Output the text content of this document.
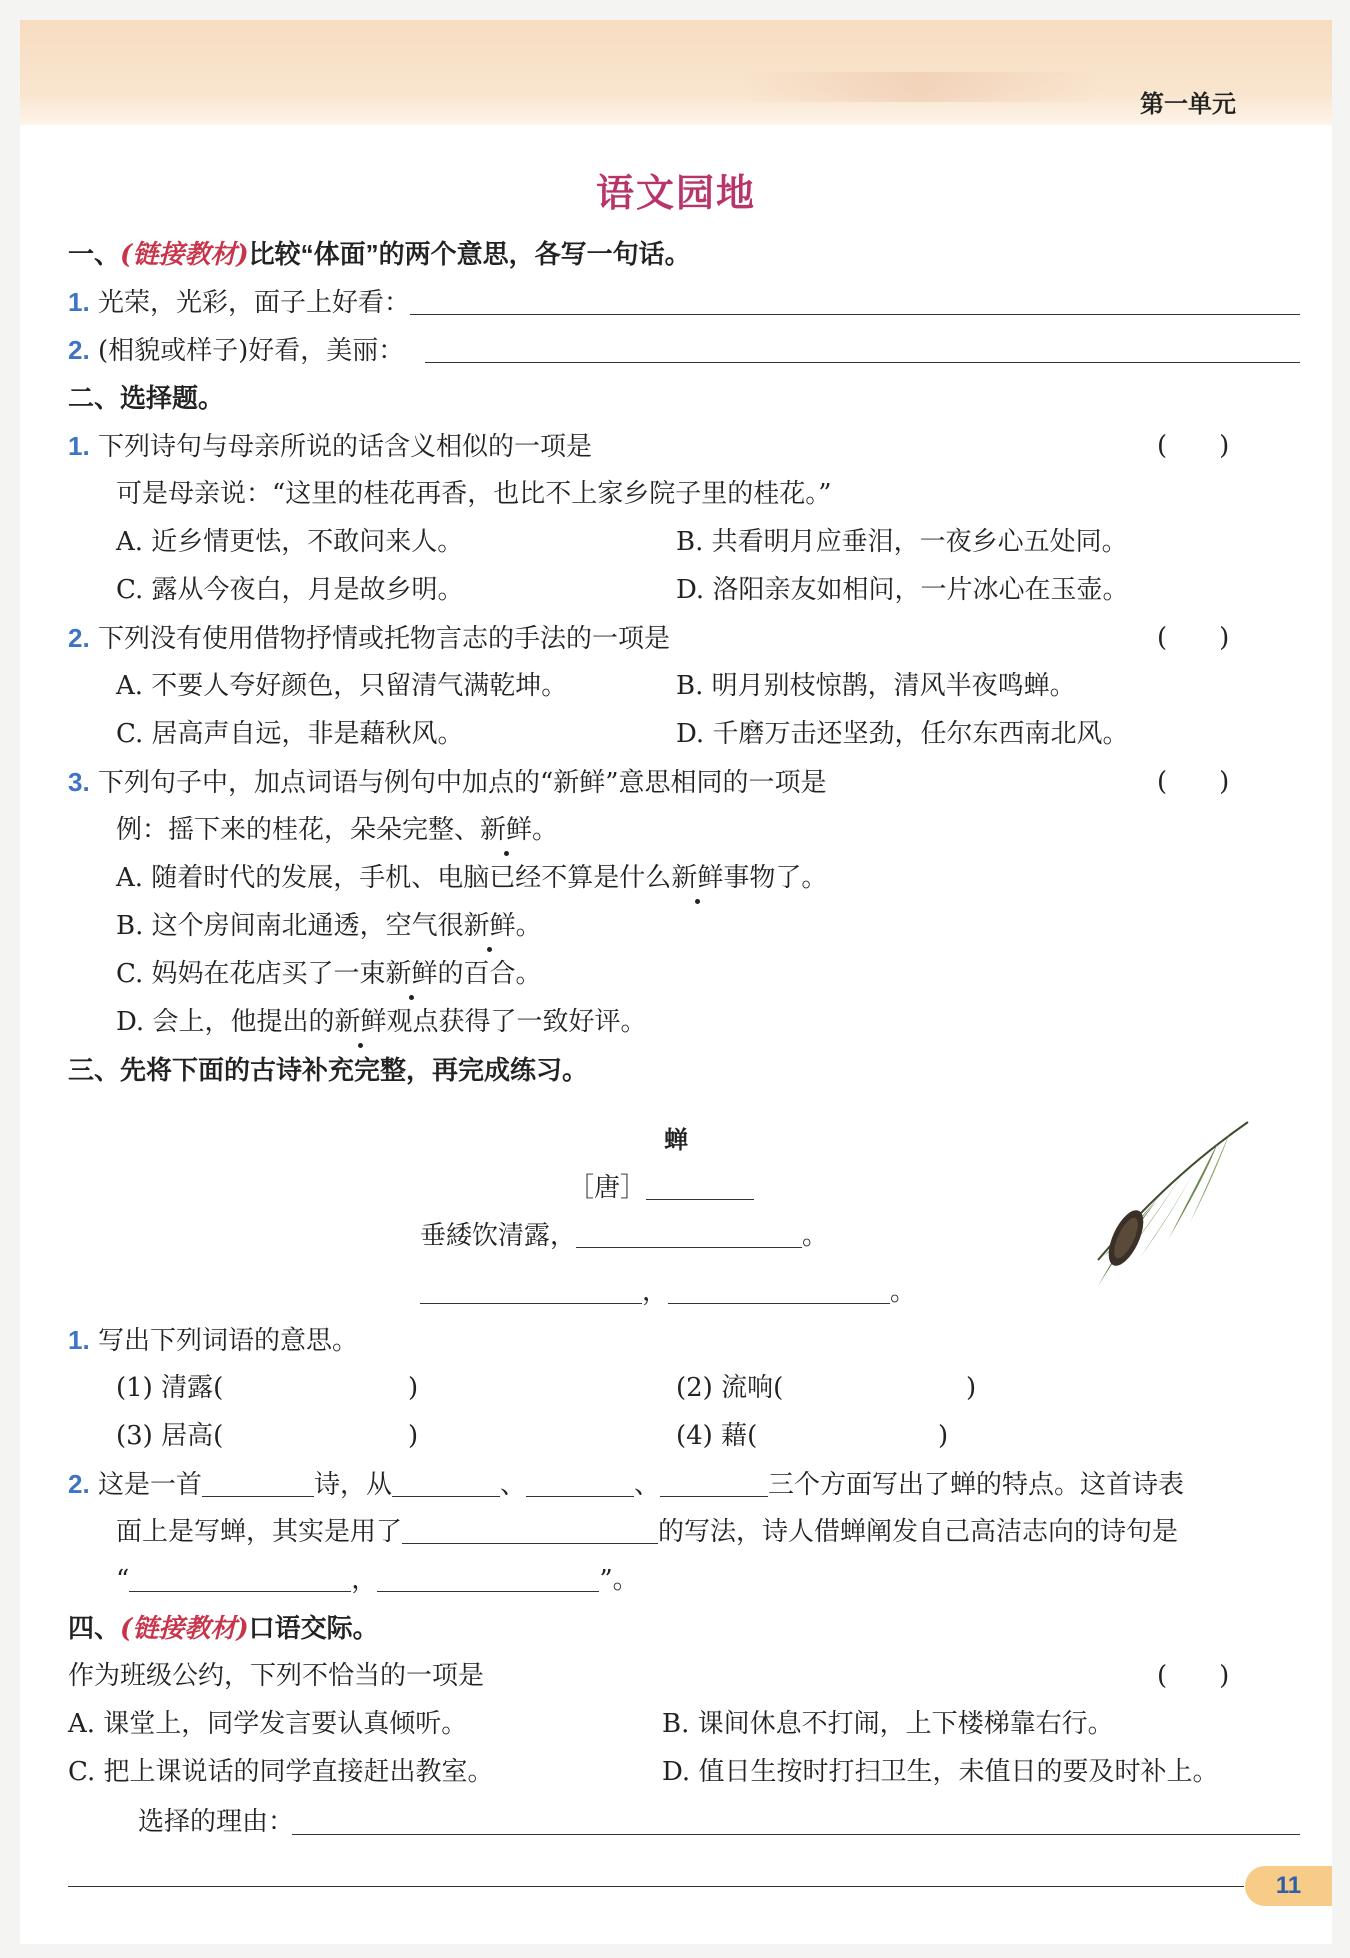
第一单元
语文园地
一、(链接教材)比较“体面”的两个意思，各写一句话。
1. 光荣，光彩，面子上好看：
2. (相貌或样子)好看，美丽：
二、选择题。
1. 下列诗句与母亲所说的话含义相似的一项是	(　　)
可是母亲说：“这里的桂花再香，也比不上家乡院子里的桂花。”
A. 近乡情更怯，不敢问来人。	B. 共看明月应垂泪，一夜乡心五处同。
C. 露从今夜白，月是故乡明。	D. 洛阳亲友如相问，一片冰心在玉壶。
2. 下列没有使用借物抒情或托物言志的手法的一项是	(　　)
A. 不要人夸好颜色，只留清气满乾坤。	B. 明月别枝惊鹊，清风半夜鸣蝉。
C. 居高声自远，非是藉秋风。	D. 千磨万击还坚劲，任尔东西南北风。
3. 下列句子中，加点词语与例句中加点的“新鲜”意思相同的一项是	(　　)
例：摇下来的桂花，朵朵完整、新鲜。
A. 随着时代的发展，手机、电脑已经不算是什么新鲜事物了。
B. 这个房间南北通透，空气很新鲜。
C. 妈妈在花店买了一束新鲜的百合。
D. 会上，他提出的新鲜观点获得了一致好评。
三、先将下面的古诗补充完整，再完成练习。
蝉
［唐］
垂緌饮清露，	。
，	。
1. 写出下列词语的意思。
(1) 清露(	)	(2) 流响(	)
(3) 居高(	)	(4) 藉(	)
2. 这是一首	诗，从	、	、	三个方面写出了蝉的特点。这首诗表
面上是写蝉，其实是用了	的写法，诗人借蝉阐发自己高洁志向的诗句是
“	，	”。
四、(链接教材)口语交际。
作为班级公约，下列不恰当的一项是	(　　)
A. 课堂上，同学发言要认真倾听。	B. 课间休息不打闹，上下楼梯靠右行。
C. 把上课说话的同学直接赶出教室。	D. 值日生按时打扫卫生，未值日的要及时补上。
选择的理由：
11
